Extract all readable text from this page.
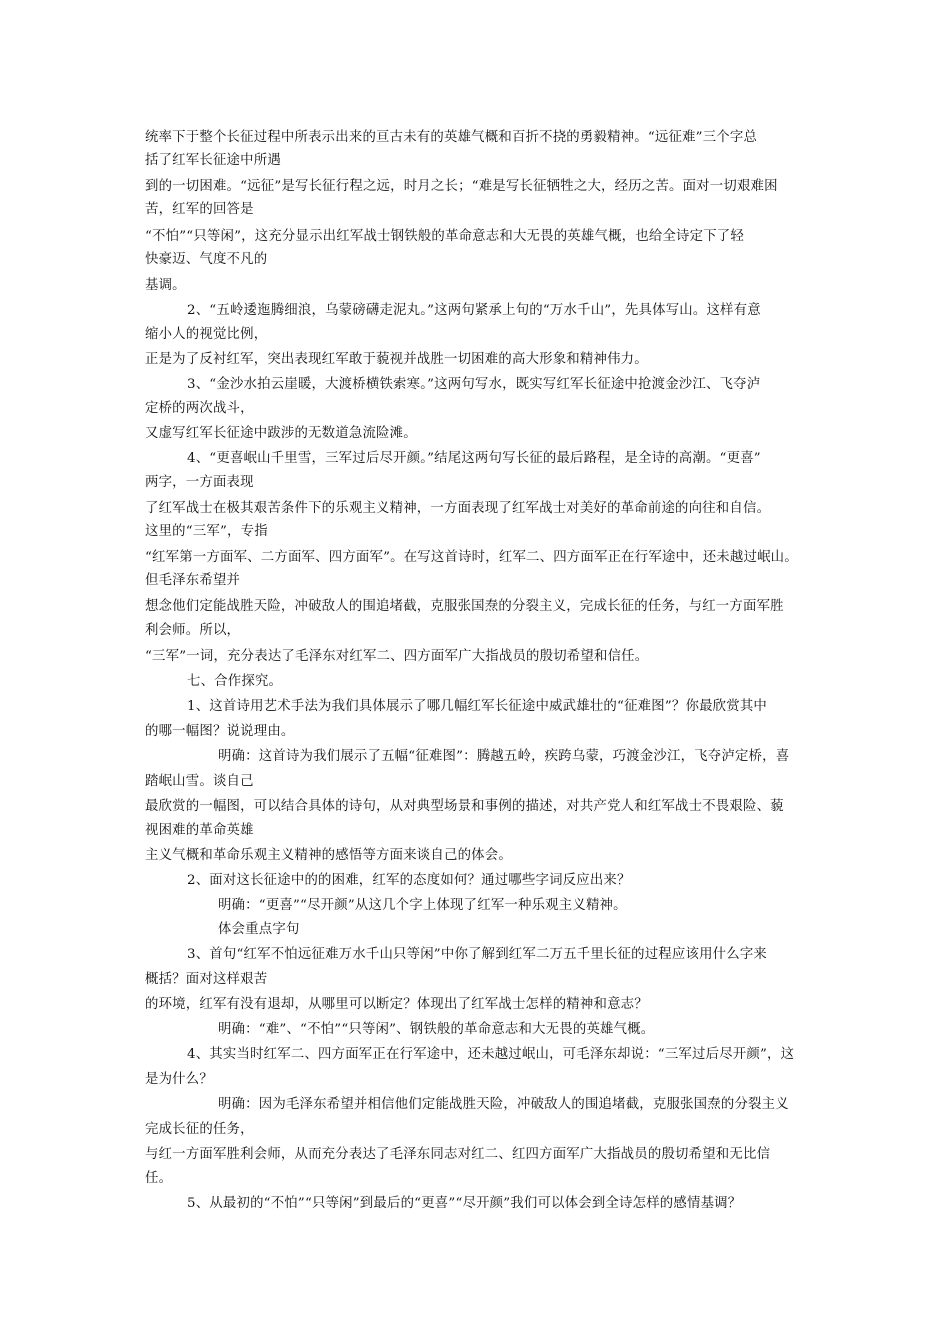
统率下于整个长征过程中所表示出来的亘古未有的英雄气概和百折不挠的勇毅精神。“远征难”三个字总
括了红军长征途中所遇
到的一切困难。“远征”是写长征行程之远，时月之长；“难是写长征牺牲之大，经历之苦。面对一切艰难困
苦，红军的回答是
“不怕”“只等闲”，这充分显示出红军战士钢铁般的革命意志和大无畏的英雄气概，也给全诗定下了轻
快豪迈、气度不凡的
基调。
2、“五岭逶迤腾细浪，乌蒙磅礴走泥丸。”这两句紧承上句的“万水千山”，先具体写山。这样有意
缩小人的视觉比例，
正是为了反衬红军，突出表现红军敢于藐视并战胜一切困难的高大形象和精神伟力。
3、“金沙水拍云崖暖，大渡桥横铁索寒。”这两句写水，既实写红军长征途中抢渡金沙江、飞夺泸
定桥的两次战斗，
又虚写红军长征途中跋涉的无数道急流险滩。
4、“更喜岷山千里雪，三军过后尽开颜。”结尾这两句写长征的最后路程，是全诗的高潮。“更喜”
两字，一方面表现
了红军战士在极其艰苦条件下的乐观主义精神，一方面表现了红军战士对美好的革命前途的向往和自信。
这里的“三军”，专指
“红军第一方面军、二方面军、四方面军”。在写这首诗时，红军二、四方面军正在行军途中，还未越过岷山。
但毛泽东希望并
想念他们定能战胜天险，冲破敌人的围追堵截，克服张国焘的分裂主义，完成长征的任务，与红一方面军胜
利会师。所以，
“三军”一词，充分表达了毛泽东对红军二、四方面军广大指战员的殷切希望和信任。
七、合作探究。
1、这首诗用艺术手法为我们具体展示了哪几幅红军长征途中威武雄壮的“征难图”？你最欣赏其中
的哪一幅图？说说理由。
明确：这首诗为我们展示了五幅“征难图”：腾越五岭，疾跨乌蒙，巧渡金沙江，飞夺泸定桥，喜
踏岷山雪。谈自己
最欣赏的一幅图，可以结合具体的诗句，从对典型场景和事例的描述，对共产党人和红军战士不畏艰险、藐
视困难的革命英雄
主义气概和革命乐观主义精神的感悟等方面来谈自己的体会。
2、面对这长征途中的的困难，红军的态度如何？通过哪些字词反应出来？
明确：“更喜”“尽开颜”从这几个字上体现了红军一种乐观主义精神。
体会重点字句
3、首句“红军不怕远征难万水千山只等闲”中你了解到红军二万五千里长征的过程应该用什么字来
概括？面对这样艰苦
的环境，红军有没有退却，从哪里可以断定？体现出了红军战士怎样的精神和意志？
明确：“难”、“不怕”“只等闲”、钢铁般的革命意志和大无畏的英雄气概。
4、其实当时红军二、四方面军正在行军途中，还未越过岷山，可毛泽东却说：“三军过后尽开颜”，这
是为什么？
明确：因为毛泽东希望并相信他们定能战胜天险，冲破敌人的围追堵截，克服张国焘的分裂主义
完成长征的任务，
与红一方面军胜利会师，从而充分表达了毛泽东同志对红二、红四方面军广大指战员的殷切希望和无比信
任。
5、从最初的“不怕”“只等闲”到最后的“更喜”“尽开颜”我们可以体会到全诗怎样的感情基调？
